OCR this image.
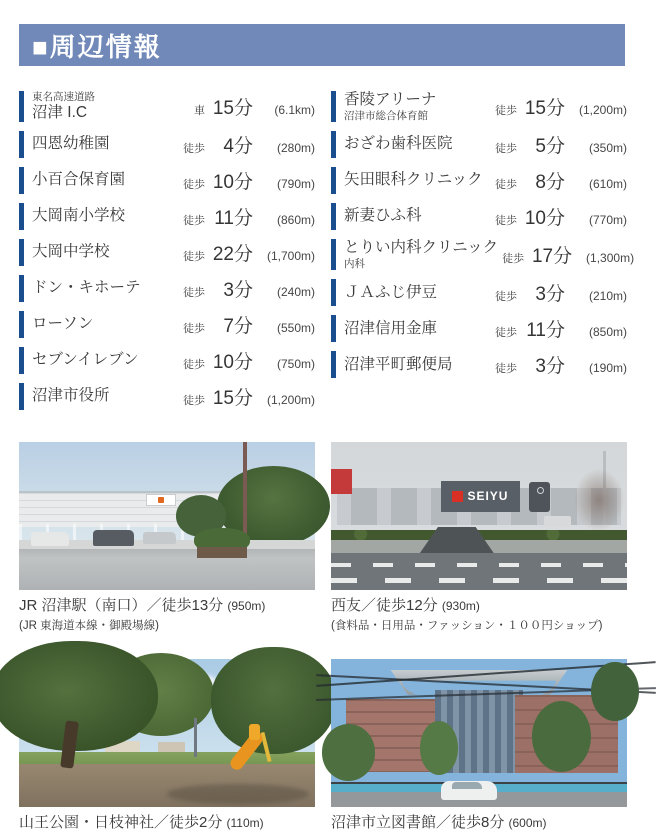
■周辺情報
東名高速道路
沼津 I.C	車 15分	(6.1km)
四恩幼稚園	徒歩 4分	(280m)
小百合保育園	徒歩 10分	(790m)
大岡南小学校	徒歩 11分	(860m)
大岡中学校	徒歩 22分	(1,700m)
ドン・キホーテ	徒歩 3分	(240m)
ローソン	徒歩 7分	(550m)
セブンイレブン	徒歩 10分	(750m)
沼津市役所	徒歩 15分	(1,200m)
香陵アリーナ
沼津市総合体育館	徒歩 15分	(1,200m)
おざわ歯科医院	徒歩 5分	(350m)
矢田眼科クリニック	徒歩 8分	(610m)
新妻ひふ科	徒歩 10分	(770m)
とりい内科クリニック
内科	徒歩 17分	(1,300m)
ＪＡふじ伊豆	徒歩 3分	(210m)
沼津信用金庫	徒歩 11分	(850m)
沼津平町郵便局	徒歩 3分	(190m)
JR 沼津駅（南口）／徒歩13分 (950m)
(JR 東海道本線・御殿場線)
SEIYU
西友／徒歩12分 (930m)
(食料品・日用品・ファッション・１００円ショップ)
山王公園・日枝神社／徒歩2分 (110m)	沼津市立図書館／徒歩8分 (600m)
